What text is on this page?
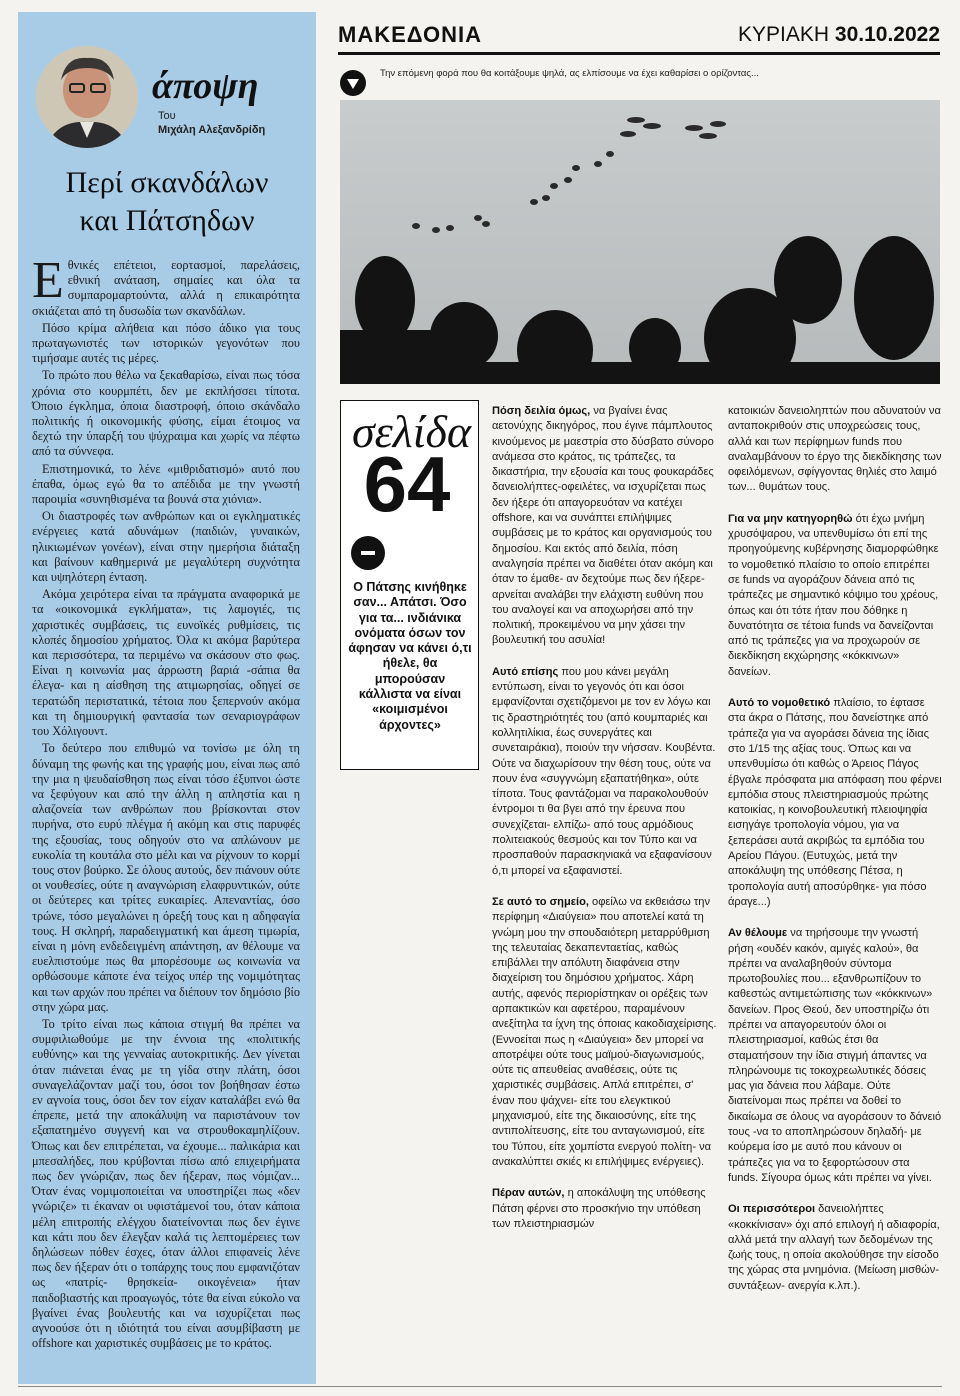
άποψη
Του
Μιχάλη Αλεξανδρίδη
Περί σκανδάλων
και Πάτσηδων

Εθνικές επέτειοι, εορτασμοί, παρελάσεις, εθνική ανάταση, σημαίες και όλα τα συμπαρομαρτούντα, αλλά η επικαιρότητα σκιάζεται από τη δυσωδία των σκανδάλων.

Πόσο κρίμα αλήθεια και πόσο άδικο για τους πρωταγωνιστές των ιστορικών γεγονότων που τιμήσαμε αυτές τις μέρες.

Το πρώτο που θέλω να ξεκαθαρίσω, είναι πως τόσα χρόνια στο κουρμπέτι, δεν με εκπλήσσει τίποτα. Όποιο έγκλημα, όποια διαστροφή, όποιο σκάνδαλο πολιτικής ή οικονομικής φύσης, είμαι έτοιμος να δεχτώ την ύπαρξή του ψύχραιμα και χωρίς να πέφτω από τα σύννεφα.

Επιστημονικά, το λένε «μιθριδατισμό» αυτό που έπαθα, όμως εγώ θα το απέδιδα με την γνωστή παροιμία «συνηθισμένα τα βουνά στα χιόνια».

Οι διαστροφές των ανθρώπων και οι εγκληματικές ενέργειες κατά αδυνάμων (παιδιών, γυναικών, ηλικιωμένων γονέων), είναι στην ημερήσια διάταξη και βαίνουν καθημερινά με μεγαλύτερη συχνότητα και υψηλότερη ένταση.

Ακόμα χειρότερα είναι τα πράγματα αναφορικά με τα «οικονομικά εγκλήματα», τις λαμογιές, τις χαριστικές συμβάσεις, τις ευνοϊκές ρυθμίσεις, τις κλοπές δημοσίου χρήματος. Όλα κι ακόμα βαρύτερα και περισσότερα, τα περιμένω να σκάσουν στο φως. Είναι η κοινωνία μας άρρωστη βαριά -σάπια θα έλεγα- και η αίσθηση της ατιμωρησίας, οδηγεί σε τερατώδη περιστατικά, τέτοια που ξεπερνούν ακόμα και τη δημιουργική φαντασία των σεναριογράφων του Χόλιγουντ.

Το δεύτερο που επιθυμώ να τονίσω με όλη τη δύναμη της φωνής και της γραφής μου, είναι πως από την μια η ψευδαίσθηση πως είναι τόσο έξυπνοι ώστε να ξεφύγουν και από την άλλη η απληστία και η αλαζονεία των ανθρώπων που βρίσκονται στον πυρήνα, στο ευρύ πλέγμα ή ακόμη και στις παρυφές της εξουσίας, τους οδηγούν στο να απλώνουν με ευκολία τη κουτάλα στο μέλι και να ρίχνουν το κορμί τους στον βούρκο. Σε όλους αυτούς, δεν πιάνουν ούτε οι νουθεσίες, ούτε η αναγνώριση ελαφρυντικών, ούτε οι δεύτερες και τρίτες ευκαιρίες. Απεναντίας, όσο τρώνε, τόσο μεγαλώνει η όρεξή τους και η αδηφαγία τους. Η σκληρή, παραδειγματική και άμεση τιμωρία, είναι η μόνη ενδεδειγμένη απάντηση, αν θέλουμε να ευελπιστούμε πως θα μπορέσουμε ως κοινωνία να ορθώσουμε κάποτε ένα τείχος υπέρ της νομιμότητας και των αρχών που πρέπει να διέπουν τον δημόσιο βίο στην χώρα μας.

Το τρίτο είναι πως κάποια στιγμή θα πρέπει να συμφιλιωθούμε με την έννοια της «πολιτικής ευθύνης» και της γενναίας αυτοκριτικής. Δεν γίνεται όταν πιάνεται ένας με τη γίδα στην πλάτη, όσοι συναγελάζονταν μαζί του, όσοι τον βοήθησαν έστω εν αγνοία τους, όσοι δεν τον είχαν καταλάβει ενώ θα έπρεπε, μετά την αποκάλυψη να παριστάνουν τον εξαπατημένο συγγενή και να στρουθοκαμηλίζουν. Όπως και δεν επιτρέπεται, να έχουμε... παλικάρια και μπεσαλήδες, που κρύβονται πίσω από επιχειρήματα πως δεν γνώριζαν, πως δεν ήξεραν, πως νόμιζαν... Όταν ένας νομιμοποιείται να υποστηρίζει πως «δεν γνώριζε» τι έκαναν οι υφιστάμενοί του, όταν κάποια μέλη επιτροπής ελέγχου διατείνονται πως δεν έγινε και κάτι που δεν έλεγξαν καλά τις λεπτομέρειες των δηλώσεων πόθεν έσχες, όταν άλλοι επιφανείς λένε πως δεν ήξεραν ότι ο τοπάρχης τους που εμφανιζόταν ως «πατρίς- θρησκεία- οικογένεια» ήταν παιδοβιαστής και προαγωγός, τότε θα είναι εύκολο να βγαίνει ένας βουλευτής και να ισχυρίζεται πως αγνοούσε ότι η ιδιότητά του είναι ασυμβίβαστη με offshore και χαριστικές συμβάσεις με το κράτος.

ΜΑΚΕΔΟΝΙΑ	ΚΥΡΙΑΚΗ 30.10.2022
Την επόμενη φορά που θα κοιτάξουμε ψηλά, ας ελπίσουμε να έχει καθαρίσει ο ορίζοντας...
σελίδα
64
Ο Πάτσης κινήθηκε σαν... Απάτσι. Όσο για τα... ινδιάνικα ονόματα όσων τον άφησαν να κάνει ό,τι ήθελε, θα μπορούσαν κάλλιστα να είναι «κοιμισμένοι άρχοντες»

Πόση δειλία όμως, να βγαίνει ένας αετονύχης δικηγόρος, που έγινε πάμπλουτος κινούμενος με μαεστρία στο δύσβατο σύνορο ανάμεσα στο κράτος, τις τράπεζες, τα δικαστήρια, την εξουσία και τους φουκαράδες δανειολήπτες-οφειλέτες, να ισχυρίζεται πως δεν ήξερε ότι απαγορευόταν να κατέχει offshore, και να συνάπτει επιλήψιμες συμβάσεις με το κράτος και οργανισμούς του δημοσίου. Και εκτός από δειλία, πόση αναλγησία πρέπει να διαθέτει όταν ακόμη και όταν το έμαθε- αν δεχτούμε πως δεν ήξερε- αρνείται αναλάβει την ελάχιστη ευθύνη που του αναλογεί και να αποχωρήσει από την πολιτική, προκειμένου να μην χάσει την βουλευτική του ασυλία!

Αυτό επίσης που μου κάνει μεγάλη εντύπωση, είναι το γεγονός ότι και όσοι εμφανίζονται σχετιζόμενοι με τον εν λόγω και τις δραστηριότητές του (από κουμπαριές και κολλητιλίκια, έως συνεργάτες και συνεταιράκια), ποιούν την νήσσαν. Κουβέντα. Ούτε να διαχωρίσουν την θέση τους, ούτε να πουν ένα «συγγνώμη εξαπατήθηκα», ούτε τίποτα. Τους φαντάζομαι να παρακολουθούν έντρομοι τι θα βγει από την έρευνα που συνεχίζεται- ελπίζω- από τους αρμόδιους πολιτειακούς θεσμούς και τον Τύπο και να προσπαθούν παρασκηνιακά να εξαφανίσουν ό,τι μπορεί να εξαφανιστεί.

Σε αυτό το σημείο, οφείλω να εκθειάσω την περίφημη «Διαύγεια» που αποτελεί κατά τη γνώμη μου την σπουδαιότερη μεταρρύθμιση της τελευταίας δεκαπενταετίας, καθώς επιβάλλει την απόλυτη διαφάνεια στην διαχείριση του δημόσιου χρήματος. Χάρη αυτής, αφενός περιορίστηκαν οι ορέξεις των αρπακτικών και αφετέρου, παραμένουν ανεξίτηλα τα ίχνη της όποιας κακοδιαχείρισης. (Εννοείται πως η «Διαύγεια» δεν μπορεί να αποτρέψει ούτε τους μαϊμού-διαγωνισμούς, ούτε τις απευθείας αναθέσεις, ούτε τις χαριστικές συμβάσεις. Απλά επιτρέπει, σ' έναν που ψάχνει- είτε του ελεγκτικού μηχανισμού, είτε της δικαιοσύνης, είτε της αντιπολίτευσης, είτε του ανταγωνισμού, είτε του Τύπου, είτε χομπίστα ενεργού πολίτη- να ανακαλύπτει σκιές κι επιλήψιμες ενέργειες).

Πέραν αυτών, η αποκάλυψη της υπόθεσης Πάτση φέρνει στο προσκήνιο την υπόθεση των πλειστηριασμών

κατοικιών δανειοληπτών που αδυνατούν να ανταποκριθούν στις υποχρεώσεις τους, αλλά και των περίφημων funds που αναλαμβάνουν το έργο της διεκδίκησης των οφειλόμενων, σφίγγοντας θηλιές στο λαιμό των... θυμάτων τους.

Για να μην κατηγορηθώ ότι έχω μνήμη χρυσόψαρου, να υπενθυμίσω ότι επί της προηγούμενης κυβέρνησης διαμορφώθηκε το νομοθετικό πλαίσιο το οποίο επιτρέπει σε funds να αγοράζουν δάνεια από τις τράπεζες με σημαντικό κόψιμο του χρέους, όπως και ότι τότε ήταν που δόθηκε η δυνατότητα σε τέτοια funds να δανείζονται από τις τράπεζες για να προχωρούν σε διεκδίκηση εκχώρησης «κόκκινων» δανείων.

Αυτό το νομοθετικό πλαίσιο, το έφτασε στα άκρα ο Πάτσης, που δανείστηκε από τράπεζα για να αγοράσει δάνεια της ίδιας στο 1/15 της αξίας τους. Όπως και να υπενθυμίσω ότι καθώς ο Άρειος Πάγος έβγαλε πρόσφατα μια απόφαση που φέρνει εμπόδια στους πλειστηριασμούς πρώτης κατοικίας, η κοινοβουλευτική πλειοψηφία εισηγάγε τροπολογία νόμου, για να ξεπεράσει αυτά ακριβώς τα εμπόδια του Αρείου Πάγου. (Ευτυχώς, μετά την αποκάλυψη της υπόθεσης Πέτσα, η τροπολογία αυτή αποσύρθηκε- για πόσο άραγε...)

Αν θέλουμε να τηρήσουμε την γνωστή ρήση «ουδέν κακόν, αμιγές καλού», θα πρέπει να αναλαβηθούν σύντομα πρωτοβουλίες που... εξανθρωπίζουν το καθεστώς αντιμετώπισης των «κόκκινων» δανείων. Προς Θεού, δεν υποστηρίζω ότι πρέπει να απαγορευτούν όλοι οι πλειστηριασμοί, καθώς έτσι θα σταματήσουν την ίδια στιγμή άπαντες να πληρώνουμε τις τοκοχρεωλυτικές δόσεις μας για δάνεια που λάβαμε. Ούτε διατείνομαι πως πρέπει να δοθεί το δικαίωμα σε όλους να αγοράσουν το δάνειό τους -να το αποπληρώσουν δηλαδή- με κούρεμα ίσο με αυτό που κάνουν οι τράπεζες για να το ξεφορτώσουν στα funds. Σίγουρα όμως κάτι πρέπει να γίνει.

Οι περισσότεροι δανειολήπτες «κοκκίνισαν» όχι από επιλογή ή αδιαφορία, αλλά μετά την αλλαγή των δεδομένων της ζωής τους, η οποία ακολούθησε την είσοδο της χώρας στα μνημόνια. (Μείωση μισθών- συντάξεων- ανεργία κ.λπ.).
